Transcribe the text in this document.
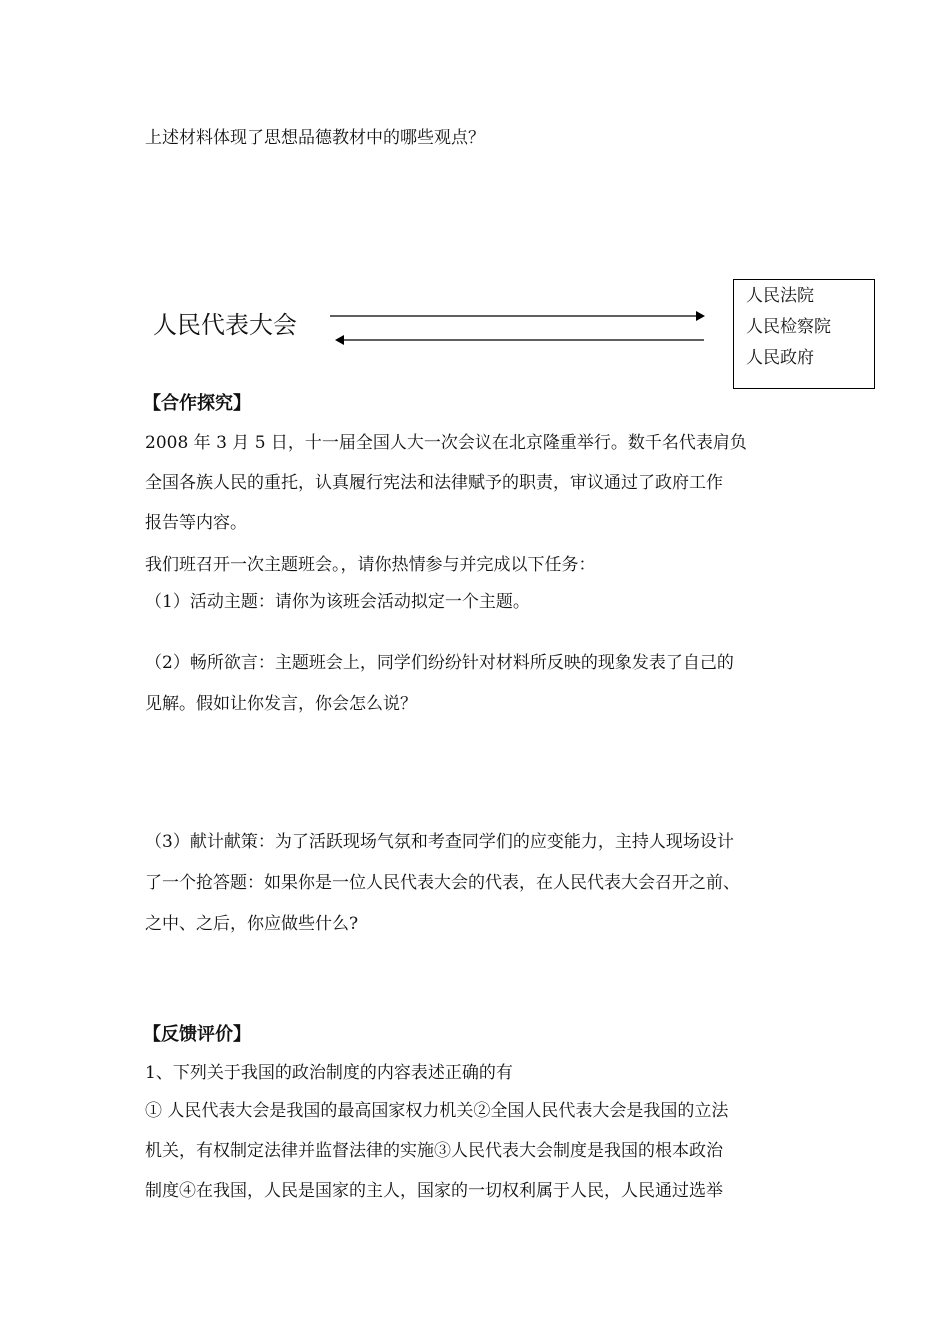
上述材料体现了思想品德教材中的哪些观点？
人民代表大会
人民法院
人民检察院
人民政府
【合作探究】
2008 年 3 月 5 日，十一届全国人大一次会议在北京隆重举行。数千名代表肩负
全国各族人民的重托，认真履行宪法和法律赋予的职责，审议通过了政府工作
报告等内容。
我们班召开一次主题班会。，请你热情参与并完成以下任务：
（1）活动主题：请你为该班会活动拟定一个主题。
（2）畅所欲言：主题班会上，同学们纷纷针对材料所反映的现象发表了自己的
见解。假如让你发言，你会怎么说？
（3）献计献策：为了活跃现场气氛和考查同学们的应变能力，主持人现场设计
了一个抢答题：如果你是一位人民代表大会的代表，在人民代表大会召开之前、
之中、之后，你应做些什么?
【反馈评价】
1、下列关于我国的政治制度的内容表述正确的有
① 人民代表大会是我国的最高国家权力机关②全国人民代表大会是我国的立法
机关，有权制定法律并监督法律的实施③人民代表大会制度是我国的根本政治
制度④在我国，人民是国家的主人，国家的一切权利属于人民，人民通过选举
